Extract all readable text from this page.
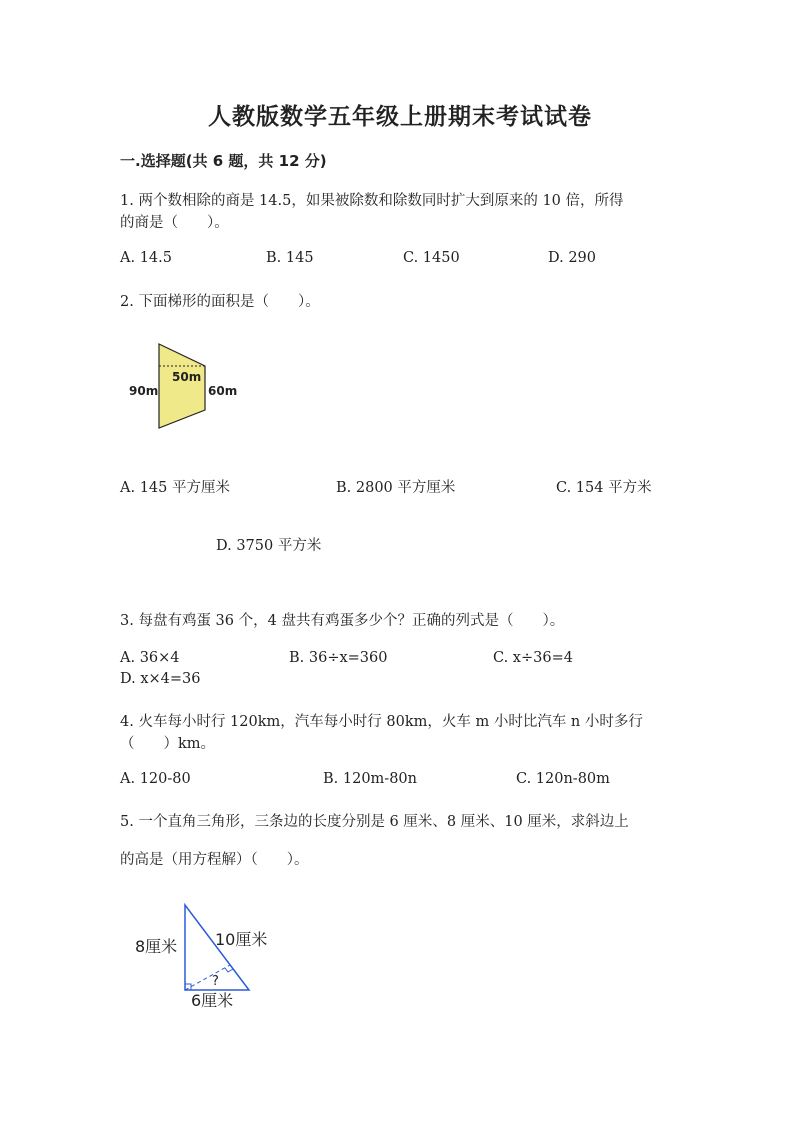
人教版数学五年级上册期末考试试卷
一.选择题(共 6 题，共 12 分)
1. 两个数相除的商是 14.5，如果被除数和除数同时扩大到原来的 10 倍，所得
的商是（　　）。
A. 14.5	B. 145	C. 1450	D. 290
2. 下面梯形的面积是（　　）。
90m
50m
60m
A. 145 平方厘米	B. 2800 平方厘米	C. 154 平方米
D. 3750 平方米
3. 每盘有鸡蛋 36 个，4 盘共有鸡蛋多少个？正确的列式是（　　）。
A. 36×4	B. 36÷x=360	C. x÷36=4
D. x×4=36
4. 火车每小时行 120km，汽车每小时行 80km，火车 m 小时比汽车 n 小时多行
（　　）km。
A. 120-80	B. 120m-80n	C. 120n-80m
5. 一个直角三角形，三条边的长度分别是 6 厘米、8 厘米、10 厘米，求斜边上
的高是（用方程解）（　　）。
8厘米 10厘米
6厘米
?
